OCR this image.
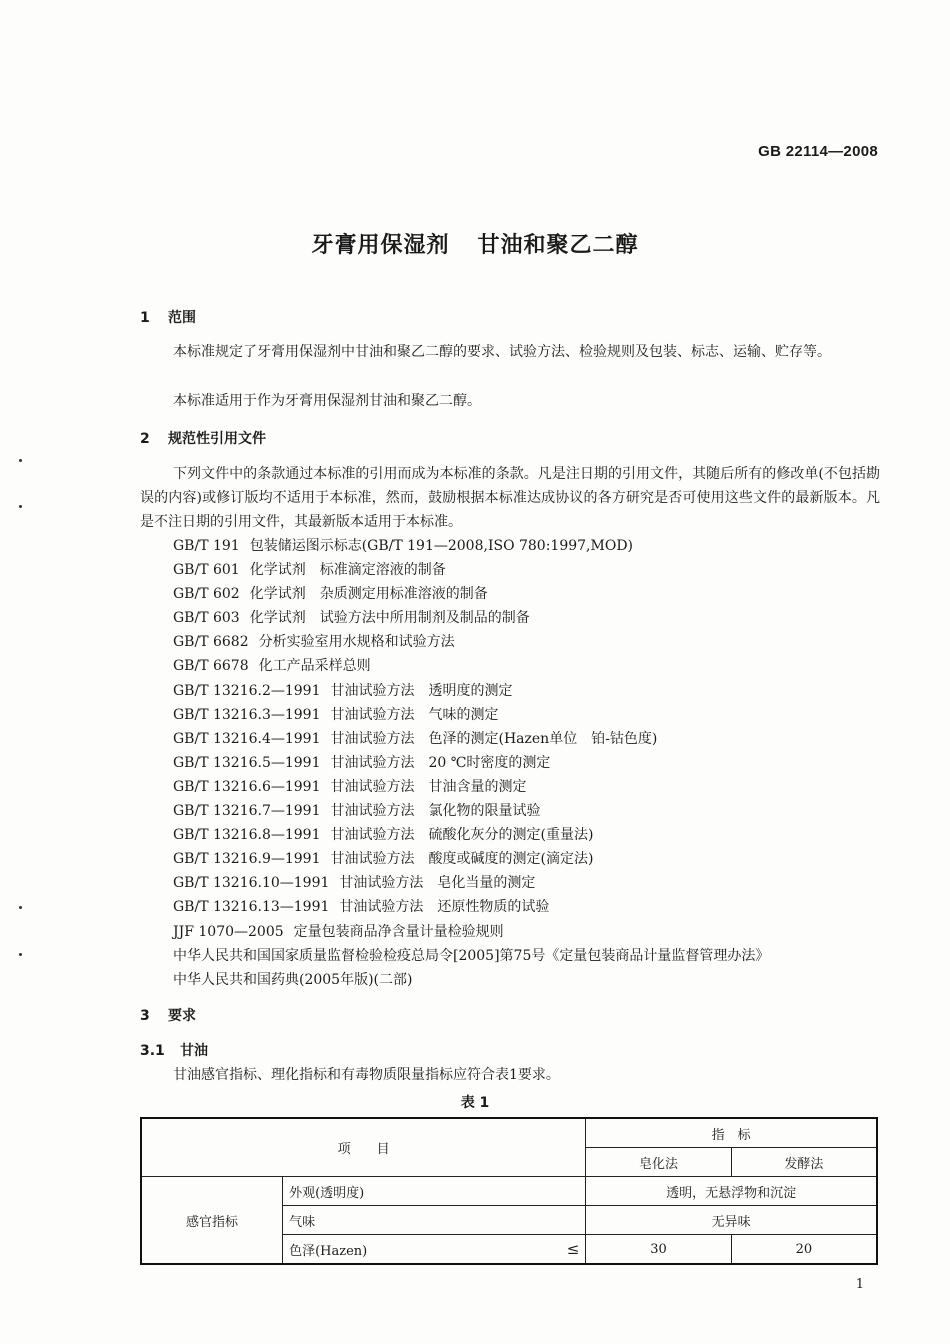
GB 22114—2008
牙膏用保湿剂 甘油和聚乙二醇
1 范围
本标准规定了牙膏用保湿剂中甘油和聚乙二醇的要求、试验方法、检验规则及包装、标志、运输、贮存等。
本标准适用于作为牙膏用保湿剂甘油和聚乙二醇。
2 规范性引用文件
下列文件中的条款通过本标准的引用而成为本标准的条款。凡是注日期的引用文件，其随后所有的修改单(不包括勘误的内容)或修订版均不适用于本标准，然而，鼓励根据本标准达成协议的各方研究是否可使用这些文件的最新版本。凡是不注日期的引用文件，其最新版本适用于本标准。
GB/T 191 包装储运图示标志(GB/T 191—2008,ISO 780:1997,MOD)
GB/T 601 化学试剂　标准滴定溶液的制备
GB/T 602 化学试剂　杂质测定用标准溶液的制备
GB/T 603 化学试剂　试验方法中所用制剂及制品的制备
GB/T 6682 分析实验室用水规格和试验方法
GB/T 6678 化工产品采样总则
GB/T 13216.2—1991 甘油试验方法　透明度的测定
GB/T 13216.3—1991 甘油试验方法　气味的测定
GB/T 13216.4—1991 甘油试验方法　色泽的测定(Hazen单位　铂-钴色度)
GB/T 13216.5—1991 甘油试验方法　20 ℃时密度的测定
GB/T 13216.6—1991 甘油试验方法　甘油含量的测定
GB/T 13216.7—1991 甘油试验方法　氯化物的限量试验
GB/T 13216.8—1991 甘油试验方法　硫酸化灰分的测定(重量法)
GB/T 13216.9—1991 甘油试验方法　酸度或碱度的测定(滴定法)
GB/T 13216.10—1991 甘油试验方法　皂化当量的测定
GB/T 13216.13—1991 甘油试验方法　还原性物质的试验
JJF 1070—2005 定量包装商品净含量计量检验规则
中华人民共和国国家质量监督检验检疫总局令[2005]第75号《定量包装商品计量监督管理办法》
中华人民共和国药典(2005年版)(二部)
3 要求
3.1 甘油
甘油感官指标、理化指标和有毒物质限量指标应符合表1要求。
表 1
项　　目		指　标	
		皂化法	发酵法
感官指标	外观(透明度)	透明，无悬浮物和沉淀	
	气味	无异味	
	色泽(Hazen) ≤	30	20
1
